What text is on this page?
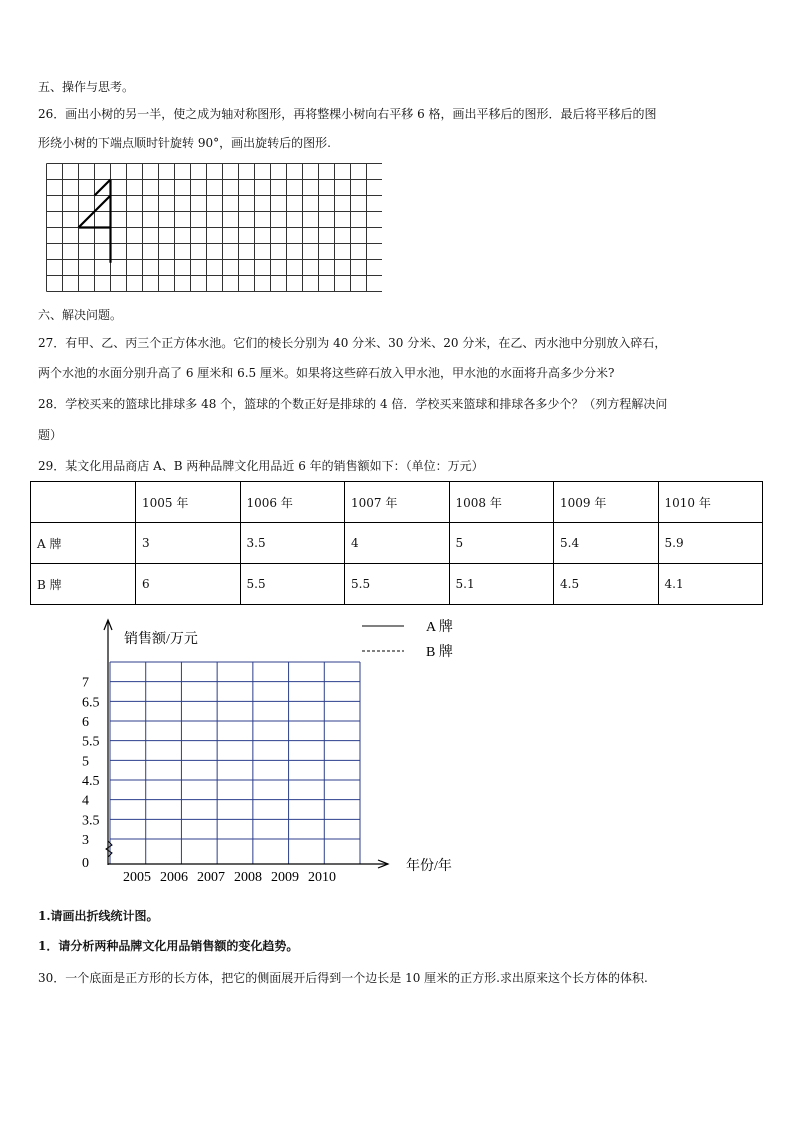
五、操作与思考。
26．画出小树的另一半，使之成为轴对称图形，再将整棵小树向右平移 6 格，画出平移后的图形．最后将平移后的图
形绕小树的下端点顺时针旋转 90°，画出旋转后的图形.
六、解决问题。
27．有甲、乙、丙三个正方体水池。它们的棱长分别为 40 分米、30 分米、20 分米，在乙、丙水池中分别放入碎石，
两个水池的水面分别升高了 6 厘米和 6.5 厘米。如果将这些碎石放入甲水池，甲水池的水面将升高多少分米?
28．学校买来的篮球比排球多 48 个，篮球的个数正好是排球的 4 倍．学校买来篮球和排球各多少个？（列方程解决问
题）
29．某文化用品商店 A、B 两种品牌文化用品近 6 年的销售额如下：（单位：万元）
	1005 年	1006 年	1007 年	1008 年	1009 年	1010 年
A 牌	3	3.5	4	5	5.4	5.9
B 牌	6	5.5	5.5	5.1	4.5	4.1
0
3
3.5
4
4.5
5
5.5
6
6.5
7
2005 2006 2007 2008 2009 2010
销售额/万元
年份/年
A 牌
B 牌
1.请画出折线统计图。
1．请分析两种品牌文化用品销售额的变化趋势。
30．一个底面是正方形的长方体，把它的侧面展开后得到一个边长是 10 厘米的正方形.求出原来这个长方体的体积.
